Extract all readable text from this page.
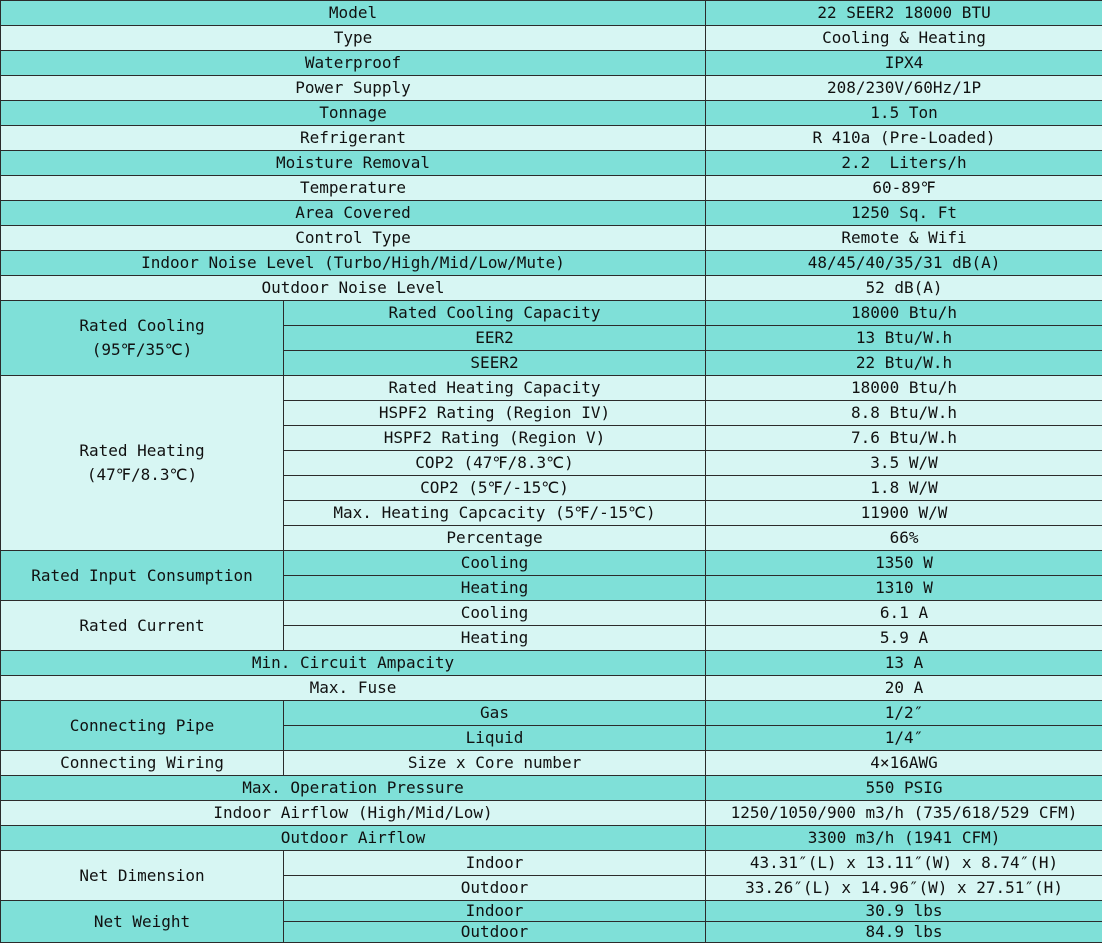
Model		22 SEER2 18000 BTU
Type		Cooling & Heating
Waterproof		IPX4
Power Supply		208/230V/60Hz/1P
Tonnage		1.5 Ton
Refrigerant		R 410a (Pre-Loaded)
Moisture Removal		2.2  Liters/h
Temperature		60-89℉
Area Covered		1250 Sq. Ft
Control Type		Remote & Wifi
Indoor Noise Level (Turbo/High/Mid/Low/Mute)		48/45/40/35/31 dB(A)
Outdoor Noise Level		52 dB(A)

Rated Cooling
(95℉/35℃)	Rated Cooling Capacity	18000 Btu/h
	EER2	13 Btu/W.h
	SEER2	22 Btu/W.h

Rated Heating
(47℉/8.3℃)	Rated Heating Capacity	18000 Btu/h
	HSPF2 Rating (Region IV)	8.8 Btu/W.h
	HSPF2 Rating (Region V)	7.6 Btu/W.h
	COP2 (47℉/8.3℃)	3.5 W/W
	COP2 (5℉/-15℃)	1.8 W/W
	Max. Heating Capcacity (5℉/-15℃)	11900 W/W
	Percentage	66%
Rated Input Consumption	Cooling	1350 W
	Heating	1310 W
Rated Current	Cooling	6.1 A
	Heating	5.9 A
Min. Circuit Ampacity		13 A
Max. Fuse		20 A
Connecting Pipe	Gas	1/2″
	Liquid	1/4″
Connecting Wiring	Size x Core number	4×16AWG
Max. Operation Pressure		550 PSIG
Indoor Airflow (High/Mid/Low)		1250/1050/900 m3/h (735/618/529 CFM)
Outdoor Airflow		3300 m3/h (1941 CFM)
Net Dimension	Indoor	43.31″(L) x 13.11″(W) x 8.74″(H)
	Outdoor	33.26″(L) x 14.96″(W) x 27.51″(H)
Net Weight	Indoor	30.9 lbs
	Outdoor	84.9 lbs
